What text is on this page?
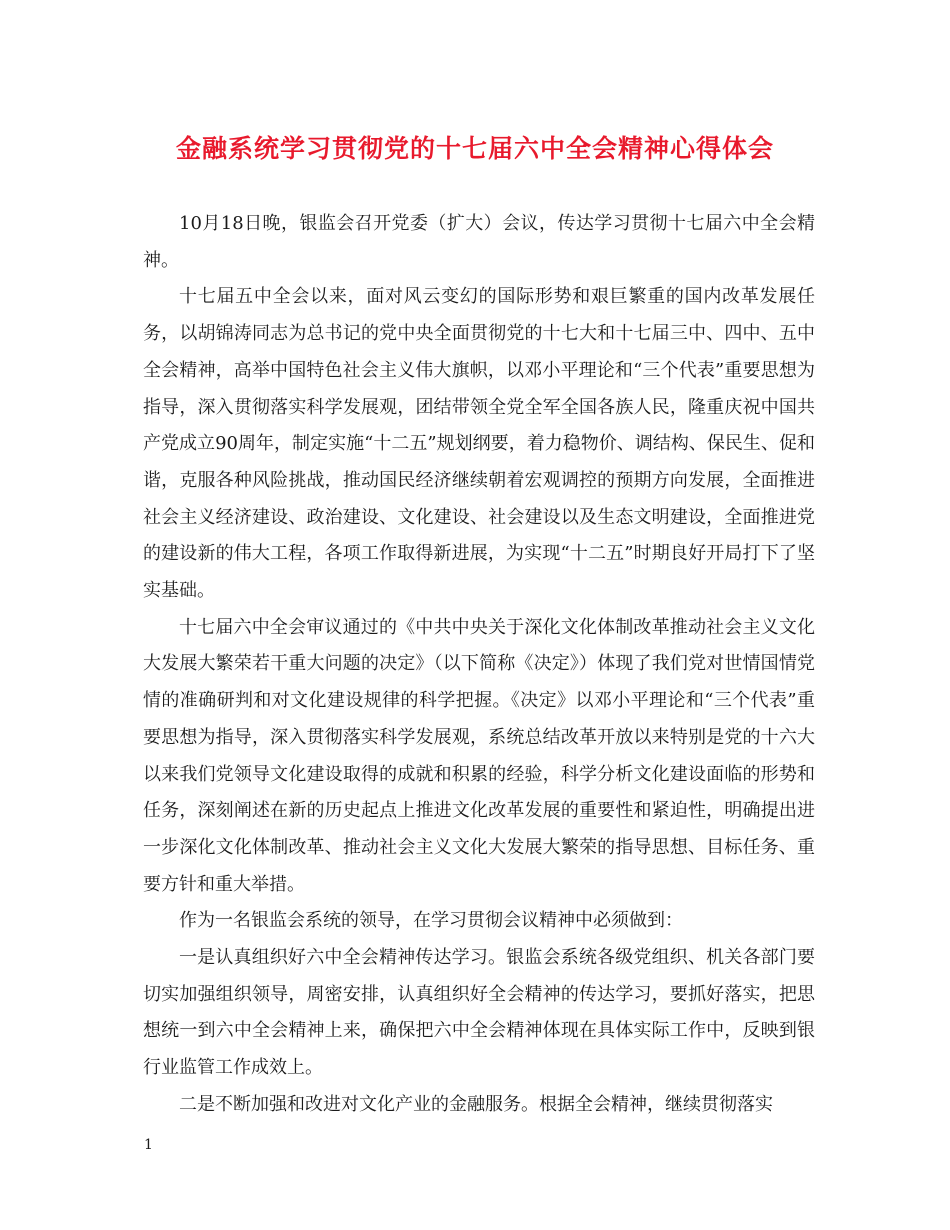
金融系统学习贯彻党的十七届六中全会精神心得体会

10月18日晚，银监会召开党委（扩大）会议，传达学习贯彻十七届六中全会精神。

十七届五中全会以来，面对风云变幻的国际形势和艰巨繁重的国内改革发展任务，以胡锦涛同志为总书记的党中央全面贯彻党的十七大和十七届三中、四中、五中全会精神，高举中国特色社会主义伟大旗帜，以邓小平理论和“三个代表”重要思想为指导，深入贯彻落实科学发展观，团结带领全党全军全国各族人民，隆重庆祝中国共产党成立90周年，制定实施“十二五”规划纲要，着力稳物价、调结构、保民生、促和谐，克服各种风险挑战，推动国民经济继续朝着宏观调控的预期方向发展，全面推进社会主义经济建设、政治建设、文化建设、社会建设以及生态文明建设，全面推进党的建设新的伟大工程，各项工作取得新进展，为实现“十二五”时期良好开局打下了坚实基础。

十七届六中全会审议通过的《中共中央关于深化文化体制改革推动社会主义文化大发展大繁荣若干重大问题的决定》（以下简称《决定》）体现了我们党对世情国情党情的准确研判和对文化建设规律的科学把握。《决定》以邓小平理论和“三个代表”重要思想为指导，深入贯彻落实科学发展观，系统总结改革开放以来特别是党的十六大以来我们党领导文化建设取得的成就和积累的经验，科学分析文化建设面临的形势和任务，深刻阐述在新的历史起点上推进文化改革发展的重要性和紧迫性，明确提出进一步深化文化体制改革、推动社会主义文化大发展大繁荣的指导思想、目标任务、重要方针和重大举措。

作为一名银监会系统的领导，在学习贯彻会议精神中必须做到：

一是认真组织好六中全会精神传达学习。银监会系统各级党组织、机关各部门要切实加强组织领导，周密安排，认真组织好全会精神的传达学习，要抓好落实，把思想统一到六中全会精神上来，确保把六中全会精神体现在具体实际工作中，反映到银行业监管工作成效上。

二是不断加强和改进对文化产业的金融服务。根据全会精神，继续贯彻落实

1
